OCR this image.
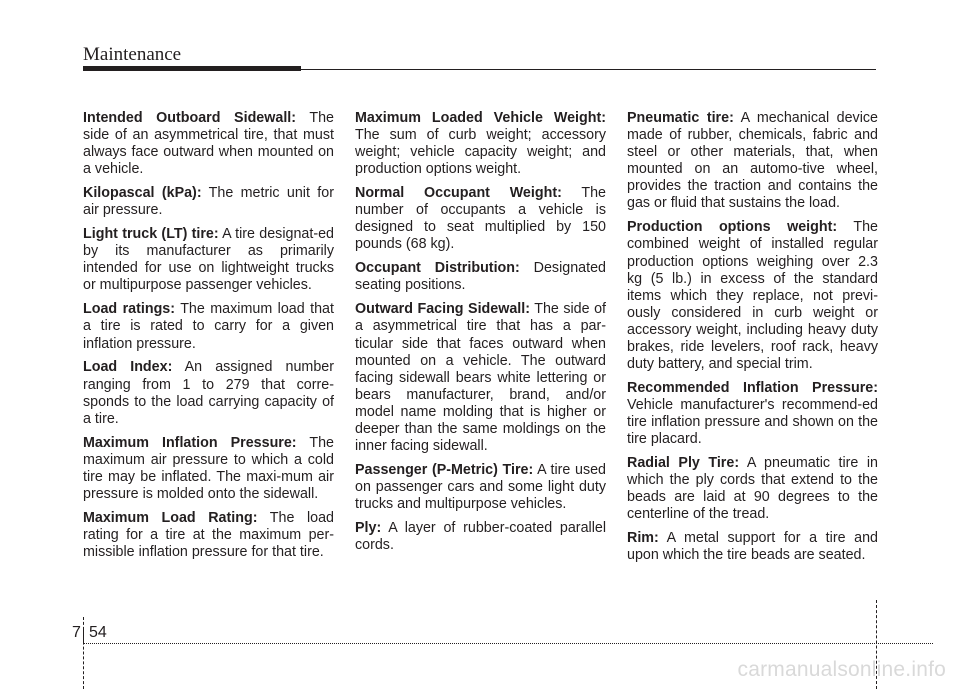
Maintenance

Intended Outboard Sidewall: The side of an asymmetrical tire, that must always face outward when mounted on a vehicle.

Kilopascal (kPa): The metric unit for air pressure.

Light truck (LT) tire: A tire designat-ed by its manufacturer as primarily intended for use on lightweight trucks or multipurpose passenger vehicles.

Load ratings: The maximum load that a tire is rated to carry for a given inflation pressure.

Load Index: An assigned number ranging from 1 to 279 that corre-sponds to the load carrying capacity of a tire.

Maximum Inflation Pressure: The maximum air pressure to which a cold tire may be inflated. The maxi-mum air pressure is molded onto the sidewall.

Maximum Load Rating: The load rating for a tire at the maximum per-missible inflation pressure for that tire.

Maximum Loaded Vehicle Weight: The sum of curb weight; accessory weight; vehicle capacity weight; and production options weight.

Normal Occupant Weight: The number of occupants a vehicle is designed to seat multiplied by 150 pounds (68 kg).

Occupant Distribution: Designated seating positions.

Outward Facing Sidewall: The side of a asymmetrical tire that has a par-ticular side that faces outward when mounted on a vehicle. The outward facing sidewall bears white lettering or bears manufacturer, brand, and/or model name molding that is higher or deeper than the same moldings on the inner facing sidewall.

Passenger (P-Metric) Tire: A tire used on passenger cars and some light duty trucks and multipurpose vehicles.

Ply: A layer of rubber-coated parallel cords.

Pneumatic tire: A mechanical device made of rubber, chemicals, fabric and steel or other materials, that, when mounted on an automo-tive wheel, provides the traction and contains the gas or fluid that sustains the load.

Production options weight: The combined weight of installed regular production options weighing over 2.3 kg (5 lb.) in excess of the standard items which they replace, not previ-ously considered in curb weight or accessory weight, including heavy duty brakes, ride levelers, roof rack, heavy duty battery, and special trim.

Recommended Inflation Pressure: Vehicle manufacturer's recommend-ed tire inflation pressure and shown on the tire placard.

Radial Ply Tire: A pneumatic tire in which the ply cords that extend to the beads are laid at 90 degrees to the centerline of the tread.

Rim: A metal support for a tire and upon which the tire beads are seated.

7 54
carmanualsonline.info
